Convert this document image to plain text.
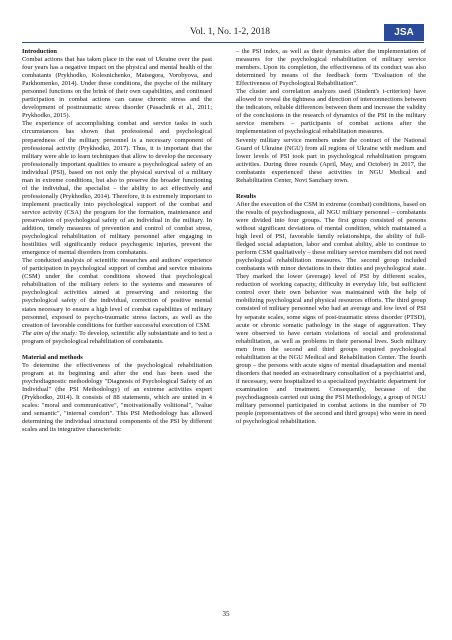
Vol. 1, No. 1-2, 2018	JSA

Introduction

Combat actions that has taken place in the east of Ukraine over the past four years has a negative impact on the physical and mental health of the combatants (Prykhodko, Kolesnichenko, Matsegora, Vorobyova, and Parkhomenko, 2014). Under these conditions, the psyche of the military personnel functions on the brink of their own capabilities, and continued participation in combat actions can cause chronic stress and the development of posttraumatic stress disorder (Pasachnik et al., 2011; Prykhodko, 2015).

The experience of accomplishing combat and service tasks in such circumstances has shown that professional and psychological preparedness of the military personnel is a necessary component of professional activity (Prykhodko, 2017). Thus, it is important that the military were able to learn techniques that allow to develop the necessary professionally important qualities to ensure a psychological safety of an individual (PSI), based on not only the physical survival of a military man in extreme conditions, but also to preserve the broader functioning of the individual, the specialist – the ability to act effectively and professionally (Prykhodko, 2014). Therefore, it is extremely important to implement practically into psychological support of the combat and service activity (CSA) the program for the formation, maintenance and preservation of psychological safety of an individual in the military. In addition, timely measures of prevention and control of combat stress, psychological rehabilitation of military personnel after engaging in hostilities will significantly reduce psychogenic injuries, prevent the emergence of mental disorders from combatants.

The conducted analysis of scientific researches and authors' experience of participation in psychological support of combat and service missions (CSM) under the combat conditions showed that psychological rehabilitation of the military refers to the systems and measures of psychological activities aimed at preserving and restoring the psychological safety of the individual, correction of positive mental states necessary to ensure a high level of combat capabilities of military personnel, exposed to psycho-traumatic stress factors, as well as the creation of favorable conditions for further successful execution of CSM.

The aim of the study: To develop, scientific ally substantiate and to test a program of psychological rehabilitation of combatants.

Material and methods

To determine the effectiveness of the psychological rehabilitation program at its beginning and after the end has been used the psychodiagnostic methodology "Diagnosis of Psychological Safety of an Individual" (the PSI Methodology) of an extreme activities expert (Prykhodko, 2014). It consists of 88 statements, which are united in 4 scales: "moral and communicative", "motivationally volitional", "value and semantic", "internal comfort". This PSI Methodology has allowed determining the individual structural components of the PSI by different scales and its integrative characteristic

– the PSI index, as well as their dynamics after the implementation of measures for the psychological rehabilitation of military service members. Upon its completion, the effectiveness of its conduct was also determined by means of the feedback form "Evaluation of the Effectiveness of Psychological Rehabilitation".

The cluster and correlation analyzes used (Student's t-criterion) have allowed to reveal the tightness and direction of interconnections between the indicators, reliable differences between them and increase the validity of the conclusions in the research of dynamics of the PSI in the military service members – participants of combat actions after the implementation of psychological rehabilitation measures.

Seventy military service members under the contract of the National Guard of Ukraine (NGU) from all regions of Ukraine with medium and lower levels of PSI took part in psychological rehabilitation program activities. During three rounds (April, May, and October) in 2017, the combatants experienced these activities in NGU Medical and Rehabilitation Center, Novi Sanzhary town.

Results

After the execution of the CSM in extreme (combat) conditions, based on the results of psychodiagnosis, all NGU military personnel – combatants were divided into four groups. The first group consisted of persons without significant deviations of mental condition, which maintained a high level of PSI, favorable family relationships, the ability of full-fledged social adaptation, labor and combat ability, able to continue to perform CSM qualitatively – these military service members did not need psychological rehabilitation measures. The second group included combatants with minor deviations in their duties and psychological state. They marked the lower (average) level of PSI by different scales, reduction of working capacity, difficulty in everyday life, but sufficient control over their own behavior was maintained with the help of mobilizing psychological and physical resources efforts. The third group consisted of military personnel who had an average and low level of PSI by separate scales, some signs of post-traumatic stress disorder (PTSD), acute or chronic somatic pathology in the stage of aggravation. They were observed to have certain violations of social and professional rehabilitation, as well as problems in their personal lives. Such military men from the second and third groups required psychological rehabilitation at the NGU Medical and Rehabilitation Center. The fourth group – the persons with acute signs of mental disadaptation and mental disorders that needed an extraordinary consultation of a psychiatrist and, if necessary, were hospitalized to a specialized psychiatric department for examination and treatment. Consequently, because of the psychodiagnosis carried out using the PSI Methodology, a group of NGU military personnel participated in combat actions in the number of 70 people (representatives of the second and third groups) who were in need of psychological rehabilitation.

35
